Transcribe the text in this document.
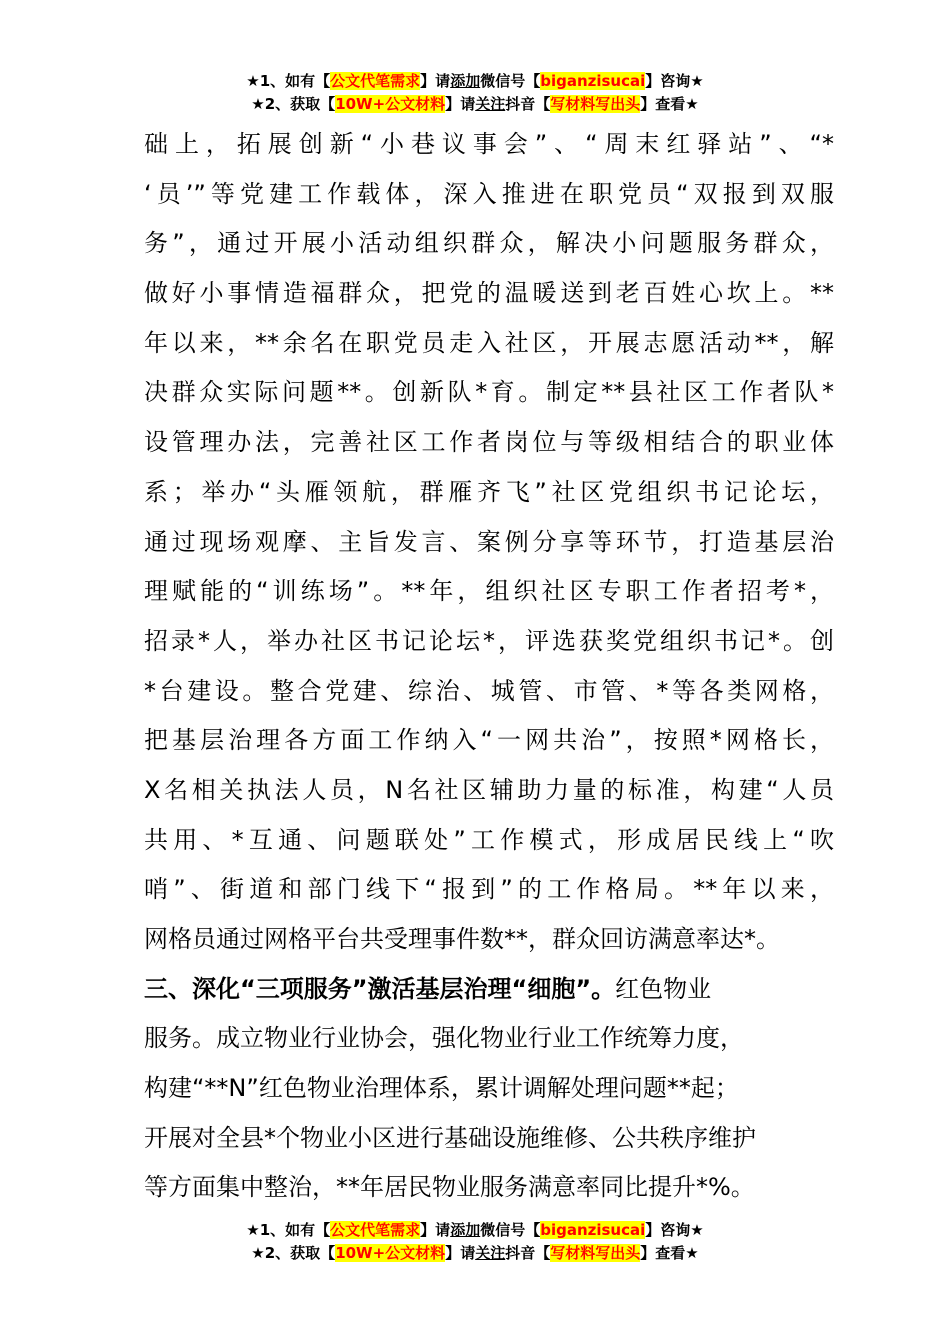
★1、如有【公文代笔需求】请添加微信号【biganzisucai】咨询★
★2、获取【10W+公文材料】请关注抖音【写材料写出头】查看★
础上，拓展创新“小巷议事会”、“周末红驿站”、“*
‘员’”等党建工作载体，深入推进在职党员“双报到双服
务”，通过开展小活动组织群众，解决小问题服务群众，
做好小事情造福群众，把党的温暖送到老百姓心坎上。**
年以来，**余名在职党员走入社区，开展志愿活动**，解
决群众实际问题**。创新队*育。制定**县社区工作者队*
设管理办法，完善社区工作者岗位与等级相结合的职业体
系；举办“头雁领航，群雁齐飞”社区党组织书记论坛，
通过现场观摩、主旨发言、案例分享等环节，打造基层治
理赋能的“训练场”。**年，组织社区专职工作者招考*，
招录*人，举办社区书记论坛*，评选获奖党组织书记*。创
*台建设。整合党建、综治、城管、市管、*等各类网格，
把基层治理各方面工作纳入“一网共治”，按照*网格长，
X名相关执法人员，N名社区辅助力量的标准，构建“人员
共用、*互通、问题联处”工作模式，形成居民线上“吹
哨”、街道和部门线下“报到”的工作格局。**年以来，
网格员通过网格平台共受理事件数**，群众回访满意率达*。
三、深化“三项服务”激活基层治理“细胞”。红色物业
服务。成立物业行业协会，强化物业行业工作统筹力度，
构建“**N”红色物业治理体系，累计调解处理问题**起；
开展对全县*个物业小区进行基础设施维修、公共秩序维护
等方面集中整治，**年居民物业服务满意率同比提升*%。
★1、如有【公文代笔需求】请添加微信号【biganzisucai】咨询★
★2、获取【10W+公文材料】请关注抖音【写材料写出头】查看★
